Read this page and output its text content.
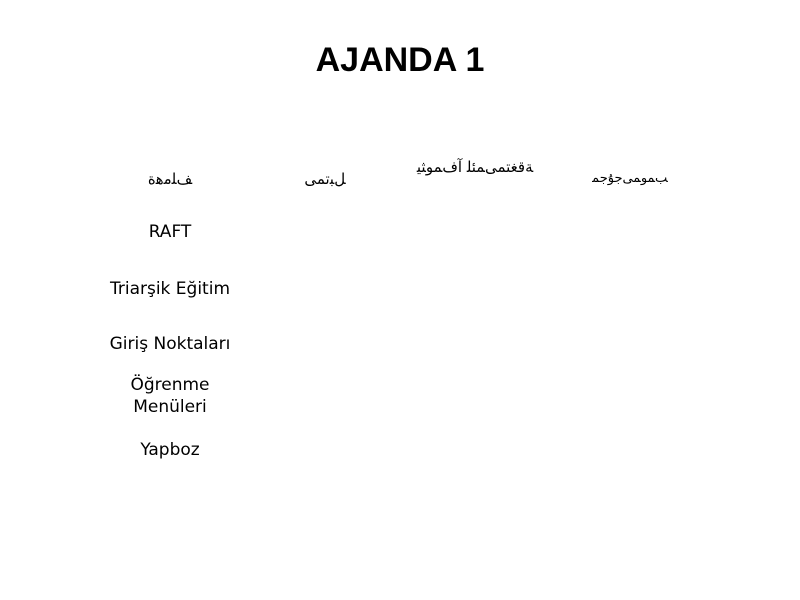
AJANDA 1
ﻒﻠﻣﻫﺓ	ﻞﺒﺗﻤﯽ
ﺔﻗﻐﺘﻤﯽﻤﺌﻠ ﺁﻑﻤﻮﺜﯿ
ﺐﻤﻮﻤﯽﺟﯘﺟﻤ
RAFT
Triarşik Eğitim
Giriş Noktaları
Öğrenme
Menüleri
Yapboz
